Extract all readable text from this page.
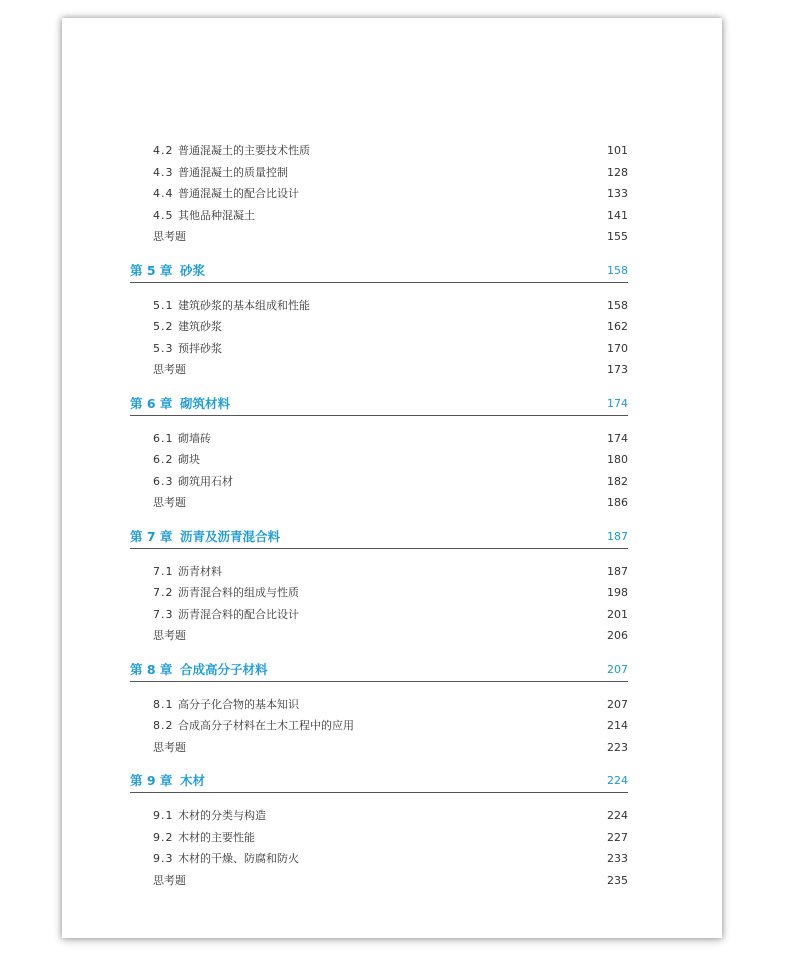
4.2 普通混凝土的主要技术性质	101
4.3 普通混凝土的质量控制	128
4.4 普通混凝土的配合比设计	133
4.5 其他品种混凝土	141
思考题	155
第 5 章 砂浆	158
5.1 建筑砂浆的基本组成和性能	158
5.2 建筑砂浆	162
5.3 预拌砂浆	170
思考题	173
第 6 章 砌筑材料	174
6.1 砌墙砖	174
6.2 砌块	180
6.3 砌筑用石材	182
思考题	186
第 7 章 沥青及沥青混合料	187
7.1 沥青材料	187
7.2 沥青混合料的组成与性质	198
7.3 沥青混合料的配合比设计	201
思考题	206
第 8 章 合成高分子材料	207
8.1 高分子化合物的基本知识	207
8.2 合成高分子材料在土木工程中的应用	214
思考题	223
第 9 章 木材	224
9.1 木材的分类与构造	224
9.2 木材的主要性能	227
9.3 木材的干燥、防腐和防火	233
思考题	235
